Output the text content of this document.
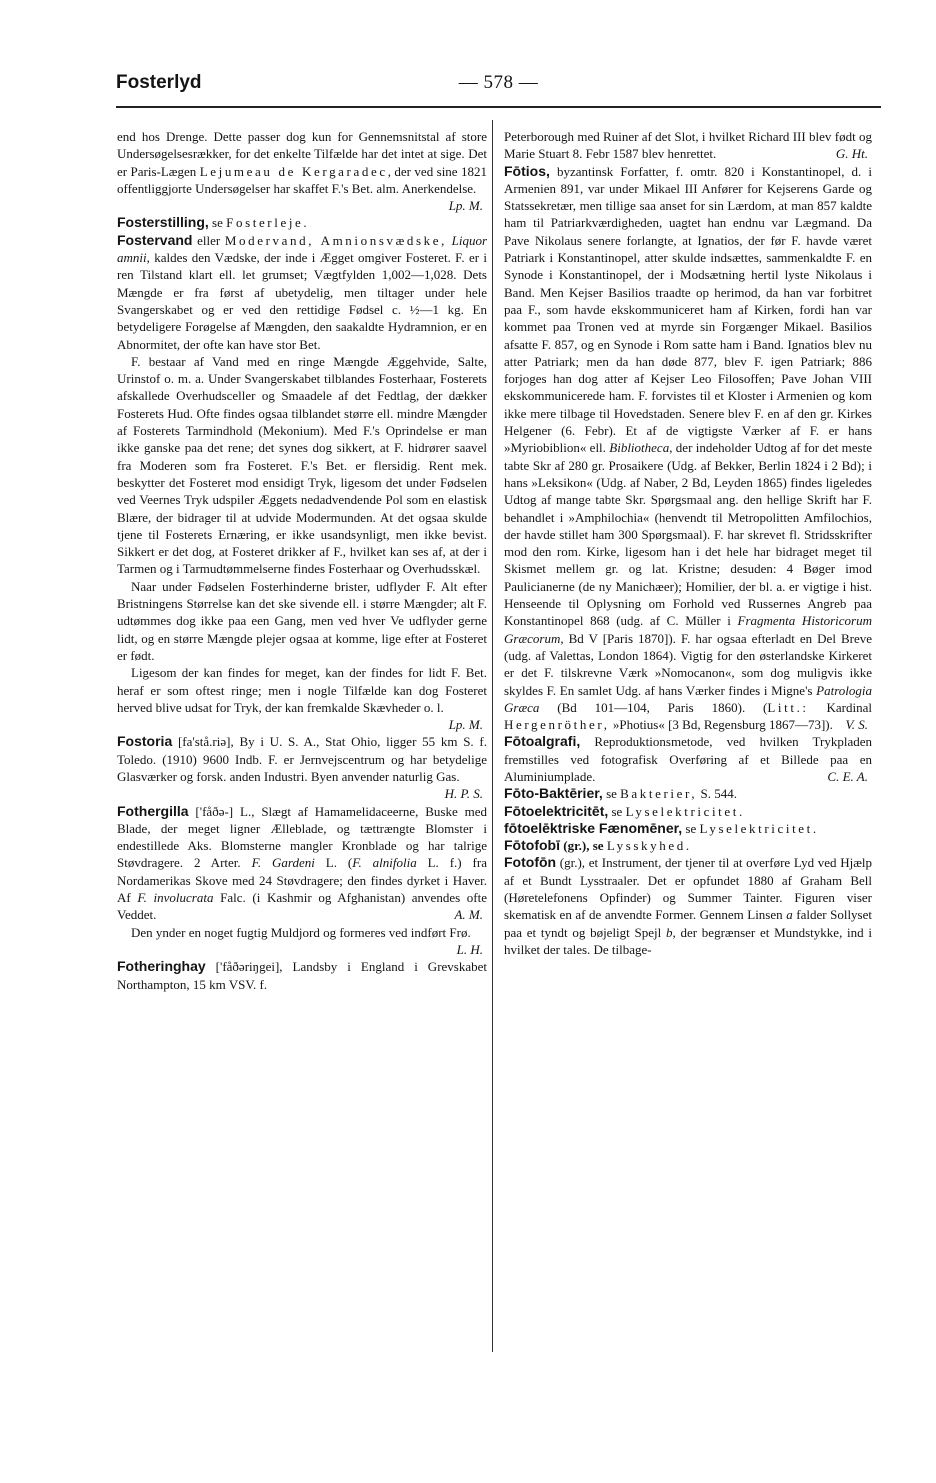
Fosterlyd	— 578 —

end hos Drenge. Dette passer dog kun for Gennemsnitstal af store Undersøgelsesrækker, for det enkelte Tilfælde har det intet at sige. Det er Paris-Lægen Lejumeau de Kergaradec, der ved sine 1821 offentliggjorte Undersøgelser har skaffet F.'s Bet. alm. Anerkendelse.
Lp. M.

Fosterstilling, se Fosterleje.

Fostervand eller Modervand, Amnionsvædske, Liquor amnii, kaldes den Vædske, der inde i Ægget omgiver Fosteret. F. er i ren Tilstand klart ell. let grumset; Vægtfylden 1,002—1,028. Dets Mængde er fra først af ubetydelig, men tiltager under hele Svangerskabet og er ved den rettidige Fødsel c. ½—1 kg. En betydeligere Forøgelse af Mængden, den saakaldte Hydramnion, er en Abnormitet, der ofte kan have stor Bet.

F. bestaar af Vand med en ringe Mængde Æggehvide, Salte, Urinstof o. m. a. Under Svangerskabet tilblandes Fosterhaar, Fosterets afskallede Overhudsceller og Smaadele af det Fedtlag, der dækker Fosterets Hud. Ofte findes ogsaa tilblandet større ell. mindre Mængder af Fosterets Tarmindhold (Mekonium). Med F.'s Oprindelse er man ikke ganske paa det rene; det synes dog sikkert, at F. hidrører saavel fra Moderen som fra Fosteret. F.'s Bet. er flersidig. Rent mek. beskytter det Fosteret mod ensidigt Tryk, ligesom det under Fødselen ved Veernes Tryk udspiler Æggets nedadvendende Pol som en elastisk Blære, der bidrager til at udvide Modermunden. At det ogsaa skulde tjene til Fosterets Ernæring, er ikke usandsynligt, men ikke bevist. Sikkert er det dog, at Fosteret drikker af F., hvilket kan ses af, at der i Tarmen og i Tarmudtømmelserne findes Fosterhaar og Overhudsskæl.

Naar under Fødselen Fosterhinderne brister, udflyder F. Alt efter Bristningens Størrelse kan det ske sivende ell. i større Mængder; alt F. udtømmes dog ikke paa een Gang, men ved hver Ve udflyder gerne lidt, og en større Mængde plejer ogsaa at komme, lige efter at Fosteret er født.

Ligesom der kan findes for meget, kan der findes for lidt F. Bet. heraf er som oftest ringe; men i nogle Tilfælde kan dog Fosteret herved blive udsat for Tryk, der kan fremkalde Skævheder o. l.
Lp. M.

Fostoria [fa'stå.riə], By i U. S. A., Stat Ohio, ligger 55 km S. f. Toledo. (1910) 9600 Indb. F. er Jernvejscentrum og har betydelige Glasværker og forsk. anden Industri. Byen anvender naturlig Gas.
H. P. S.

Fothergilla ['fåðə-] L., Slægt af Hamamelidaceerne, Buske med Blade, der meget ligner Ælleblade, og tættrængte Blomster i endestillede Aks. Blomsterne mangler Kronblade og har talrige Støvdragere. 2 Arter. F. Gardeni L. (F. alnifolia L. f.) fra Nordamerikas Skove med 24 Støvdragere; den findes dyrket i Haver. Af F. involucrata Falc. (i Kashmir og Afghanistan) anvendes ofte Veddet.	A. M.

Den ynder en noget fugtig Muldjord og formeres ved indført Frø.
L. H.

Fotheringhay ['fåðəriŋgei], Landsby i England i Grevskabet Northampton, 15 km VSV. f.

Peterborough med Ruiner af det Slot, i hvilket Richard III blev født og Marie Stuart 8. Febr 1587 blev henrettet.	G. Ht.

Fōtios, byzantinsk Forfatter, f. omtr. 820 i Konstantinopel, d. i Armenien 891, var under Mikael III Anfører for Kejserens Garde og Statssekretær, men tillige saa anset for sin Lærdom, at man 857 kaldte ham til Patriarkværdigheden, uagtet han endnu var Lægmand. Da Pave Nikolaus senere forlangte, at Ignatios, der før F. havde været Patriark i Konstantinopel, atter skulde indsættes, sammenkaldte F. en Synode i Konstantinopel, der i Modsætning hertil lyste Nikolaus i Band. Men Kejser Basilios traadte op herimod, da han var forbitret paa F., som havde ekskommuniceret ham af Kirken, fordi han var kommet paa Tronen ved at myrde sin Forgænger Mikael. Basilios afsatte F. 857, og en Synode i Rom satte ham i Band. Ignatios blev nu atter Patriark; men da han døde 877, blev F. igen Patriark; 886 forjoges han dog atter af Kejser Leo Filosoffen; Pave Johan VIII ekskommunicerede ham. F. forvistes til et Kloster i Armenien og kom ikke mere tilbage til Hovedstaden. Senere blev F. en af den gr. Kirkes Helgener (6. Febr). Et af de vigtigste Værker af F. er hans »Myriobiblion« ell. Bibliotheca, der indeholder Udtog af for det meste tabte Skr af 280 gr. Prosaikere (Udg. af Bekker, Berlin 1824 i 2 Bd); i hans »Leksikon« (Udg. af Naber, 2 Bd, Leyden 1865) findes ligeledes Udtog af mange tabte Skr. Spørgsmaal ang. den hellige Skrift har F. behandlet i »Amphilochia« (henvendt til Metropolitten Amfilochios, der havde stillet ham 300 Spørgsmaal). F. har skrevet fl. Stridsskrifter mod den rom. Kirke, ligesom han i det hele har bidraget meget til Skismet mellem gr. og lat. Kristne; desuden: 4 Bøger imod Paulicianerne (de ny Manichæer); Homilier, der bl. a. er vigtige i hist. Henseende til Oplysning om Forhold ved Russernes Angreb paa Konstantinopel 868 (udg. af C. Müller i Fragmenta Historicorum Græcorum, Bd V [Paris 1870]). F. har ogsaa efterladt en Del Breve (udg. af Valettas, London 1864). Vigtig for den østerlandske Kirkeret er det F. tilskrevne Værk »Nomocanon«, som dog muligvis ikke skyldes F. En samlet Udg. af hans Værker findes i Migne's Patrologia Græca (Bd 101—104, Paris 1860). (Litt.: Kardinal Hergenröther, »Photius« [3 Bd, Regensburg 1867—73]). V. S.

Fōtoalgrafi, Reproduktionsmetode, ved hvilken Trykpladen fremstilles ved fotografisk Overføring af et Billede paa en Aluminiumplade.	C. E. A.

Fōto-Baktērier, se Bakterier, S. 544.

Fōtoelektricitēt, se Lyselektricitet.

fōtoelēktriske Fænomēner, se Lyselektricitet.

Fōtofobī (gr.), se Lysskyhed.

Fotofōn (gr.), et Instrument, der tjener til at overføre Lyd ved Hjælp af et Bundt Lysstraaler. Det er opfundet 1880 af Graham Bell (Høretelefonens Opfinder) og Summer Tainter. Figuren viser skematisk en af de anvendte Former. Gennem Linsen a falder Sollyset paa et tyndt og bøjeligt Spejl b, der begrænser et Mundstykke, ind i hvilket der tales. De tilbage-
